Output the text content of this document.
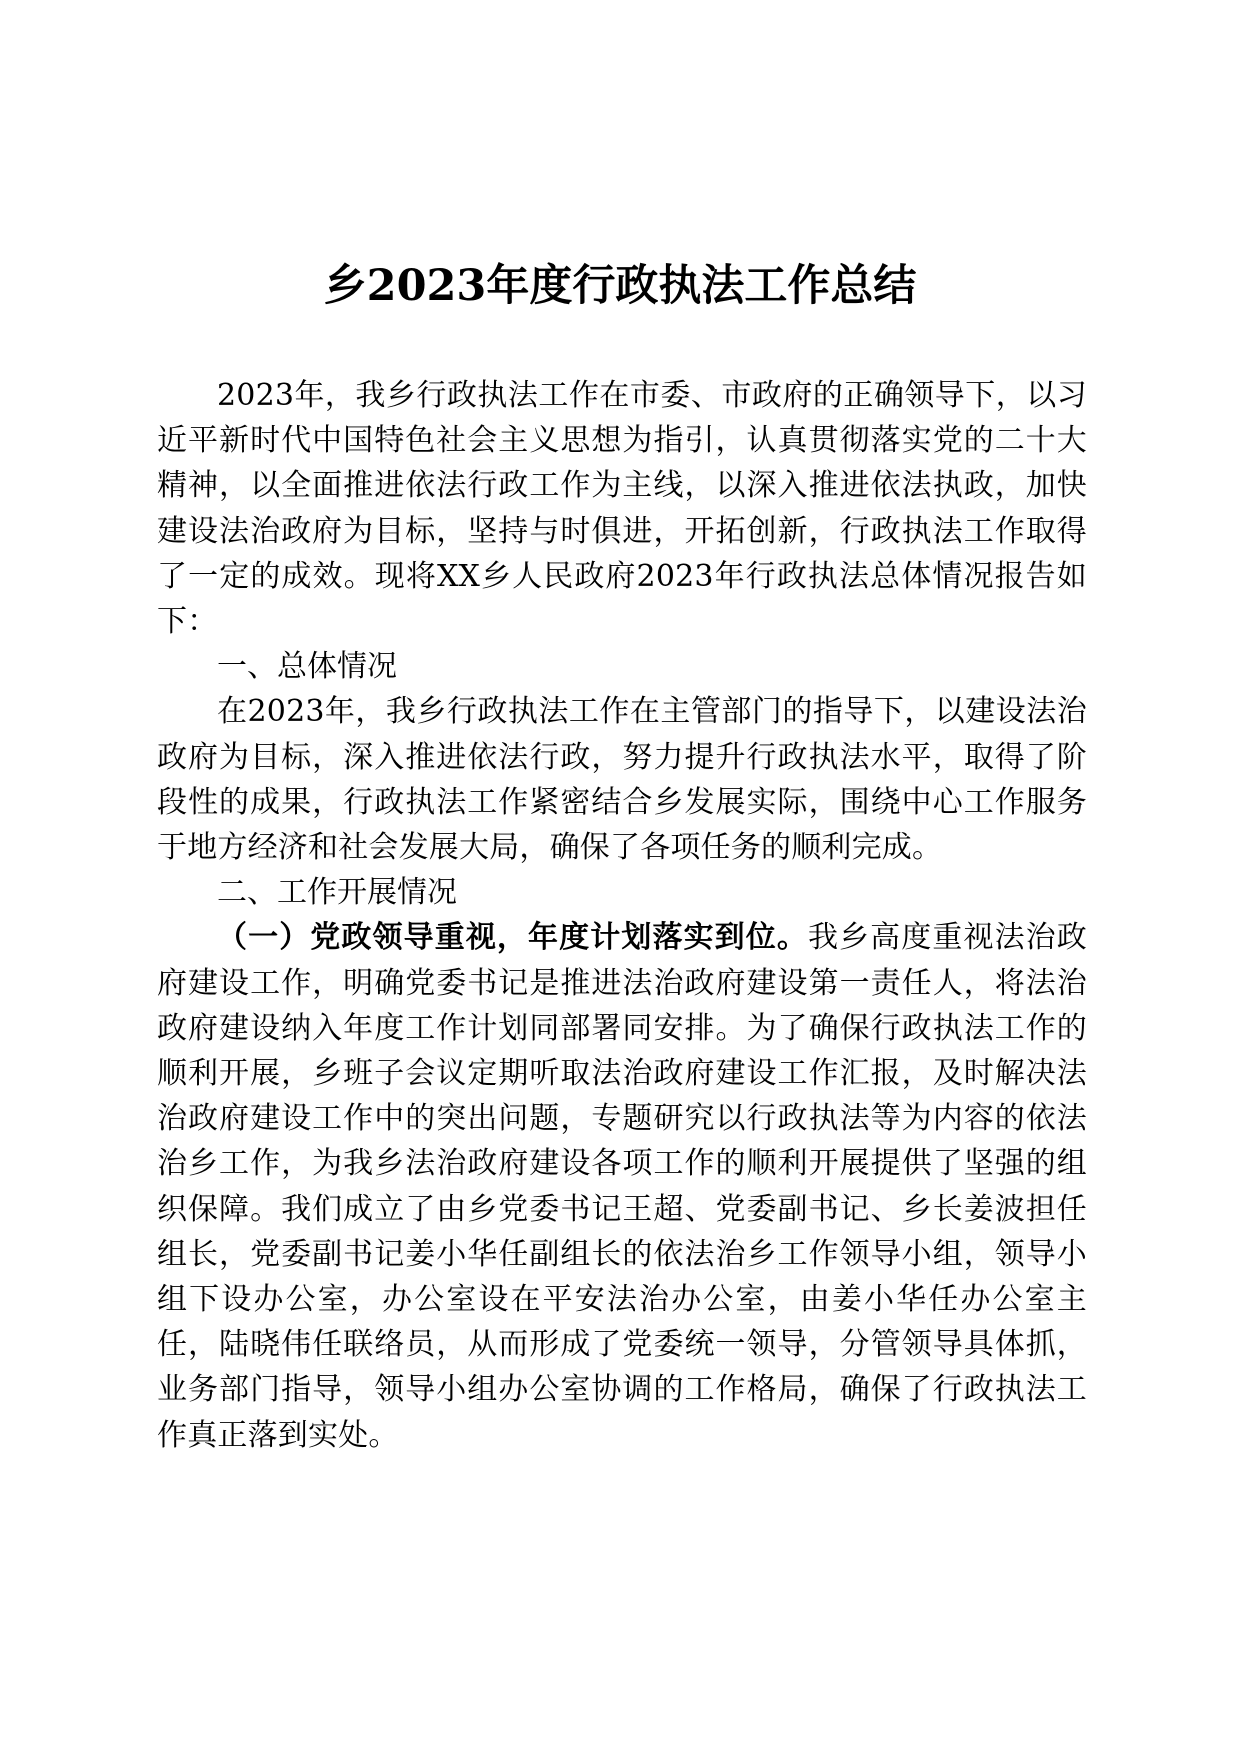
乡2023年度行政执法工作总结

2023年，我乡行政执法工作在市委、市政府的正确领导下，以习近平新时代中国特色社会主义思想为指引，认真贯彻落实党的二十大精神，以全面推进依法行政工作为主线，以深入推进依法执政，加快建设法治政府为目标，坚持与时俱进，开拓创新，行政执法工作取得了一定的成效。现将XX乡人民政府2023年行政执法总体情况报告如下：

一、总体情况

在2023年，我乡行政执法工作在主管部门的指导下，以建设法治政府为目标，深入推进依法行政，努力提升行政执法水平，取得了阶段性的成果，行政执法工作紧密结合乡发展实际，围绕中心工作服务于地方经济和社会发展大局，确保了各项任务的顺利完成。

二、工作开展情况

（一）党政领导重视，年度计划落实到位。我乡高度重视法治政府建设工作，明确党委书记是推进法治政府建设第一责任人，将法治政府建设纳入年度工作计划同部署同安排。为了确保行政执法工作的顺利开展，乡班子会议定期听取法治政府建设工作汇报，及时解决法治政府建设工作中的突出问题，专题研究以行政执法等为内容的依法治乡工作，为我乡法治政府建设各项工作的顺利开展提供了坚强的组织保障。我们成立了由乡党委书记王超、党委副书记、乡长姜波担任组长，党委副书记姜小华任副组长的依法治乡工作领导小组，领导小组下设办公室，办公室设在平安法治办公室，由姜小华任办公室主任，陆晓伟任联络员，从而形成了党委统一领导，分管领导具体抓，业务部门指导，领导小组办公室协调的工作格局，确保了行政执法工作真正落到实处。
